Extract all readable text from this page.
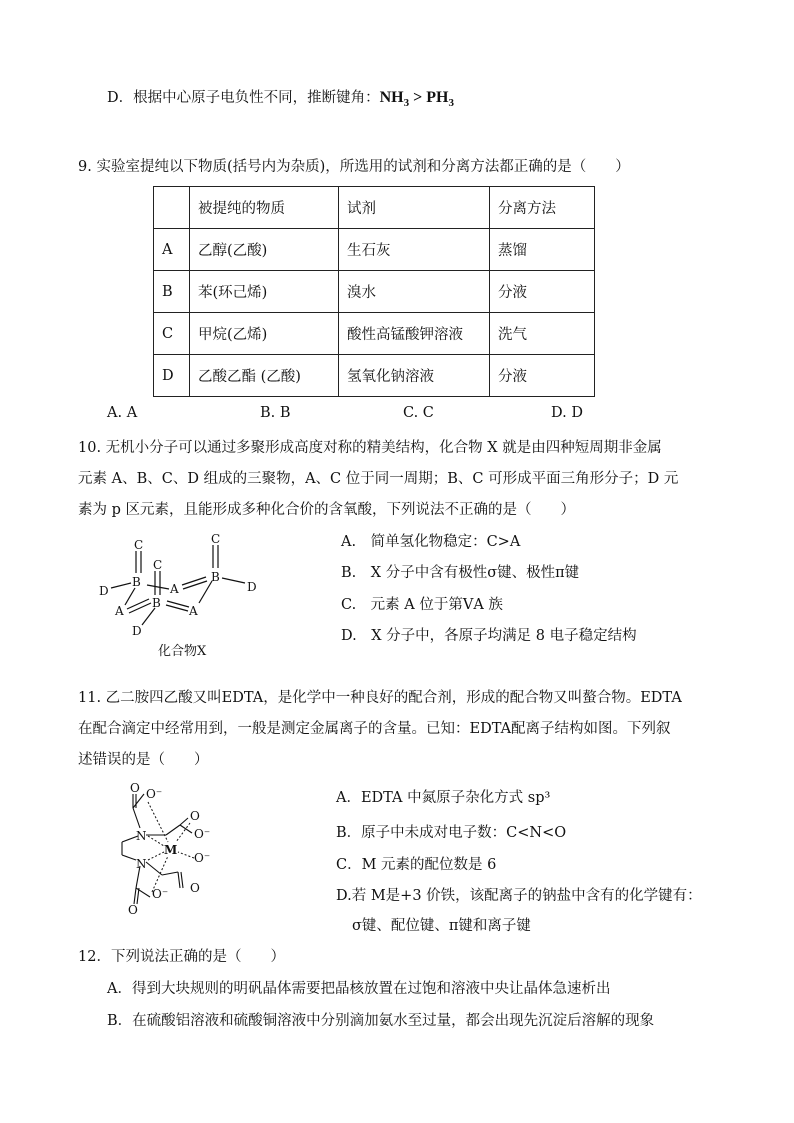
D．根据中心原子电负性不同，推断键角：$NH_3 > PH_3$
9. 实验室提纯以下物质(括号内为杂质)，所选用的试剂和分离方法都正确的是（　　）
	被提纯的物质	试剂	分离方法
A	乙醇(乙酸)	生石灰	蒸馏
B	苯(环己烯)	溴水	分液
C	甲烷(乙烯)	酸性高锰酸钾溶液	洗气
D	乙酸乙酯 (乙酸)	氢氧化钠溶液	分液
A. A	B. B	C. C	D. D
10. 无机小分子可以通过多聚形成高度对称的精美结构，化合物 X 就是由四种短周期非金属
元素 A、B、C、D 组成的三聚物，A、C 位于同一周期；B、C 可形成平面三角形分子；D 元
素为 p 区元素，且能形成多种化合价的含氧酸，下列说法不正确的是（　　）
C	C
C
B	B
B
A
A	A
D	D
D
化合物X
A.　简单氢化物稳定：C>A
B.　X 分子中含有极性σ键、极性π键
C.　元素 A 位于第ⅤA 族
D.　X 分子中，各原子均满足 8 电子稳定结构
11. 乙二胺四乙酸又叫EDTA，是化学中一种良好的配合剂，形成的配合物又叫螯合物。EDTA
在配合滴定中经常用到，一般是测定金属离子的含量。已知：EDTA配离子结构如图。下列叙
述错误的是（　　）
O O⁻
O
O⁻
N
N
M
O⁻
O
O⁻
O
A．EDTA 中氮原子杂化方式 sp³
B．原子中未成对电子数：C<N<O
C．M 元素的配位数是 6
D.若 M是+3 价铁，该配离子的钠盐中含有的化学键有：
σ键、配位键、π键和离子键
12．下列说法正确的是（　　）
A．得到大块规则的明矾晶体需要把晶核放置在过饱和溶液中央让晶体急速析出
B．在硫酸铝溶液和硫酸铜溶液中分别滴加氨水至过量，都会出现先沉淀后溶解的现象
